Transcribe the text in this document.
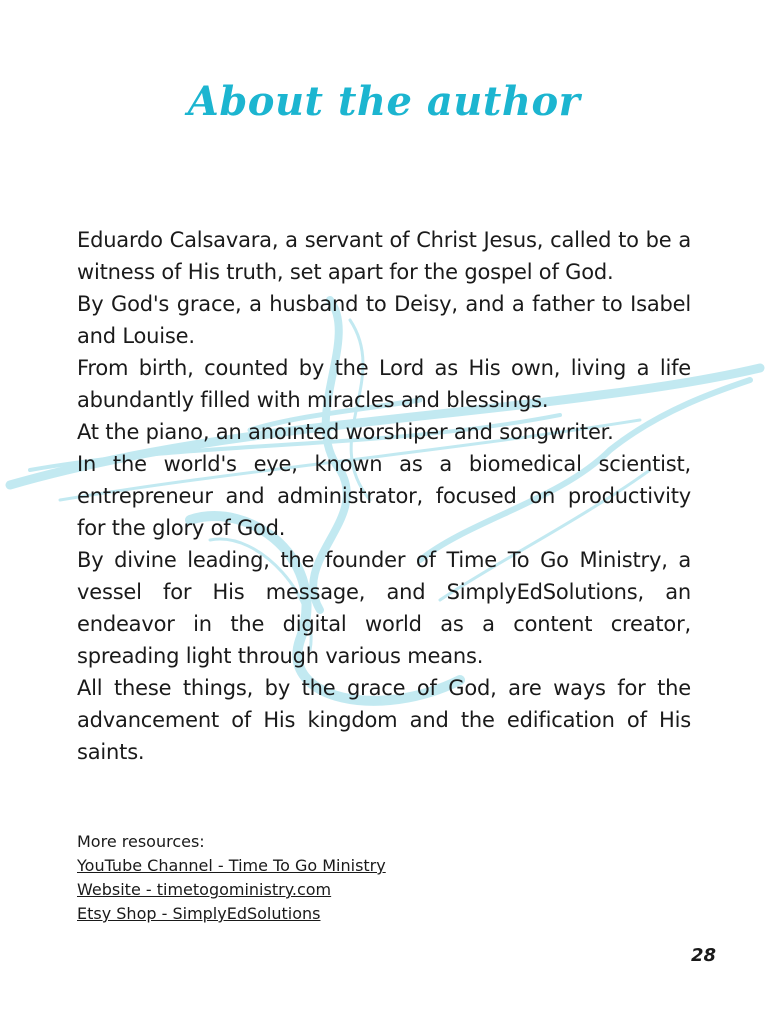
About the author

Eduardo Calsavara, a servant of Christ Jesus, called to be a witness of His truth, set apart for the gospel of God.

By God's grace, a husband to Deisy, and a father to Isabel and Louise.

From birth, counted by the Lord as His own, living a life abundantly filled with miracles and blessings.

At the piano, an anointed worshiper and songwriter.

In the world's eye, known as a biomedical scientist, entrepreneur and administrator, focused on productivity for the glory of God.

By divine leading, the founder of Time To Go Ministry, a vessel for His message, and SimplyEdSolutions, an endeavor in the digital world as a content creator, spreading light through various means.

All these things, by the grace of God, are ways for the advancement of His kingdom and the edification of His saints.

More resources:

YouTube Channel - Time To Go Ministry
Website - timetogoministry.com
Etsy Shop - SimplyEdSolutions
28
